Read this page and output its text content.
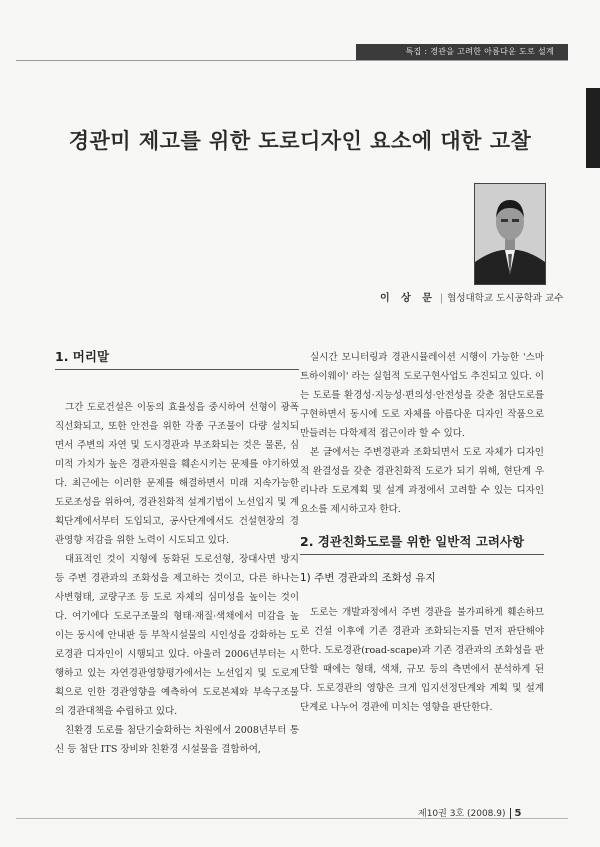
특집 : 경관을 고려한 아름다운 도로 설계
경관미 제고를 위한 도로디자인 요소에 대한 고찰
이 상 문 | 협성대학교 도시공학과 교수
1. 머리말

그간 도로건설은 이동의 효율성을 중시하여 선형이 광폭 직선화되고, 또한 안전을 위한 각종 구조물이 다량 설치되면서 주변의 자연 및 도시경관과 부조화되는 것은 물론, 심미적 가치가 높은 경관자원을 훼손시키는 문제를 야기하였다. 최근에는 이러한 문제를 해결하면서 미래 지속가능한 도로조성을 위하여, 경관친화적 설계기법이 노선입지 및 계획단계에서부터 도입되고, 공사단계에서도 건설현장의 경관영향 저감을 위한 노력이 시도되고 있다.

대표적인 것이 지형에 동화된 도로선형, 장대사면 방지 등 주변 경관과의 조화성을 제고하는 것이고, 다른 하나는 사변형태, 교량구조 등 도로 자체의 심미성을 높이는 것이다. 여기에다 도로구조물의 형태·재질·색채에서 미감을 높이는 동시에 안내판 등 부착시설물의 시인성을 강화하는 도로경관 디자인이 시행되고 있다. 아울러 2006년부터는 시행하고 있는 자연경관영향평가에서는 노선입지 및 도로계획으로 인한 경관영향을 예측하여 도로본체와 부속구조물의 경관대책을 수립하고 있다.

친환경 도로를 첨단기술화하는 차원에서 2008년부터 통신 등 첨단 ITS 장비와 친환경 시설물을 결합하여,

실시간 모니터링과 경관시뮬레이션 시행이 가능한 '스마트하이웨이' 라는 실험적 도로구현사업도 추진되고 있다. 이는 도로를 환경성·지능성·편의성·안전성을 갖춘 첨단도로를 구현하면서 동시에 도로 자체를 아름다운 디자인 작품으로 만들려는 다학제적 접근이라 할 수 있다.

본 글에서는 주변경관과 조화되면서 도로 자체가 디자인적 완결성을 갖춘 경관친화적 도로가 되기 위해, 현단계 우리나라 도로계획 및 설계 과정에서 고려할 수 있는 디자인요소를 제시하고자 한다.

2. 경관친화도로를 위한 일반적 고려사항
1) 주변 경관과의 조화성 유지

도로는 개발과정에서 주변 경관을 불가피하게 훼손하므로 건설 이후에 기존 경관과 조화되는지를 먼저 판단해야 한다. 도로경관(road-scape)과 기존 경관과의 조화성을 판단할 때에는 형태, 색채, 규모 등의 측면에서 분석하게 된다. 도로경관의 영향은 크게 입지선정단계와 계획 및 설계단계로 나누어 경관에 미치는 영향을 판단한다.

제10권 3호 (2008.9) 5
